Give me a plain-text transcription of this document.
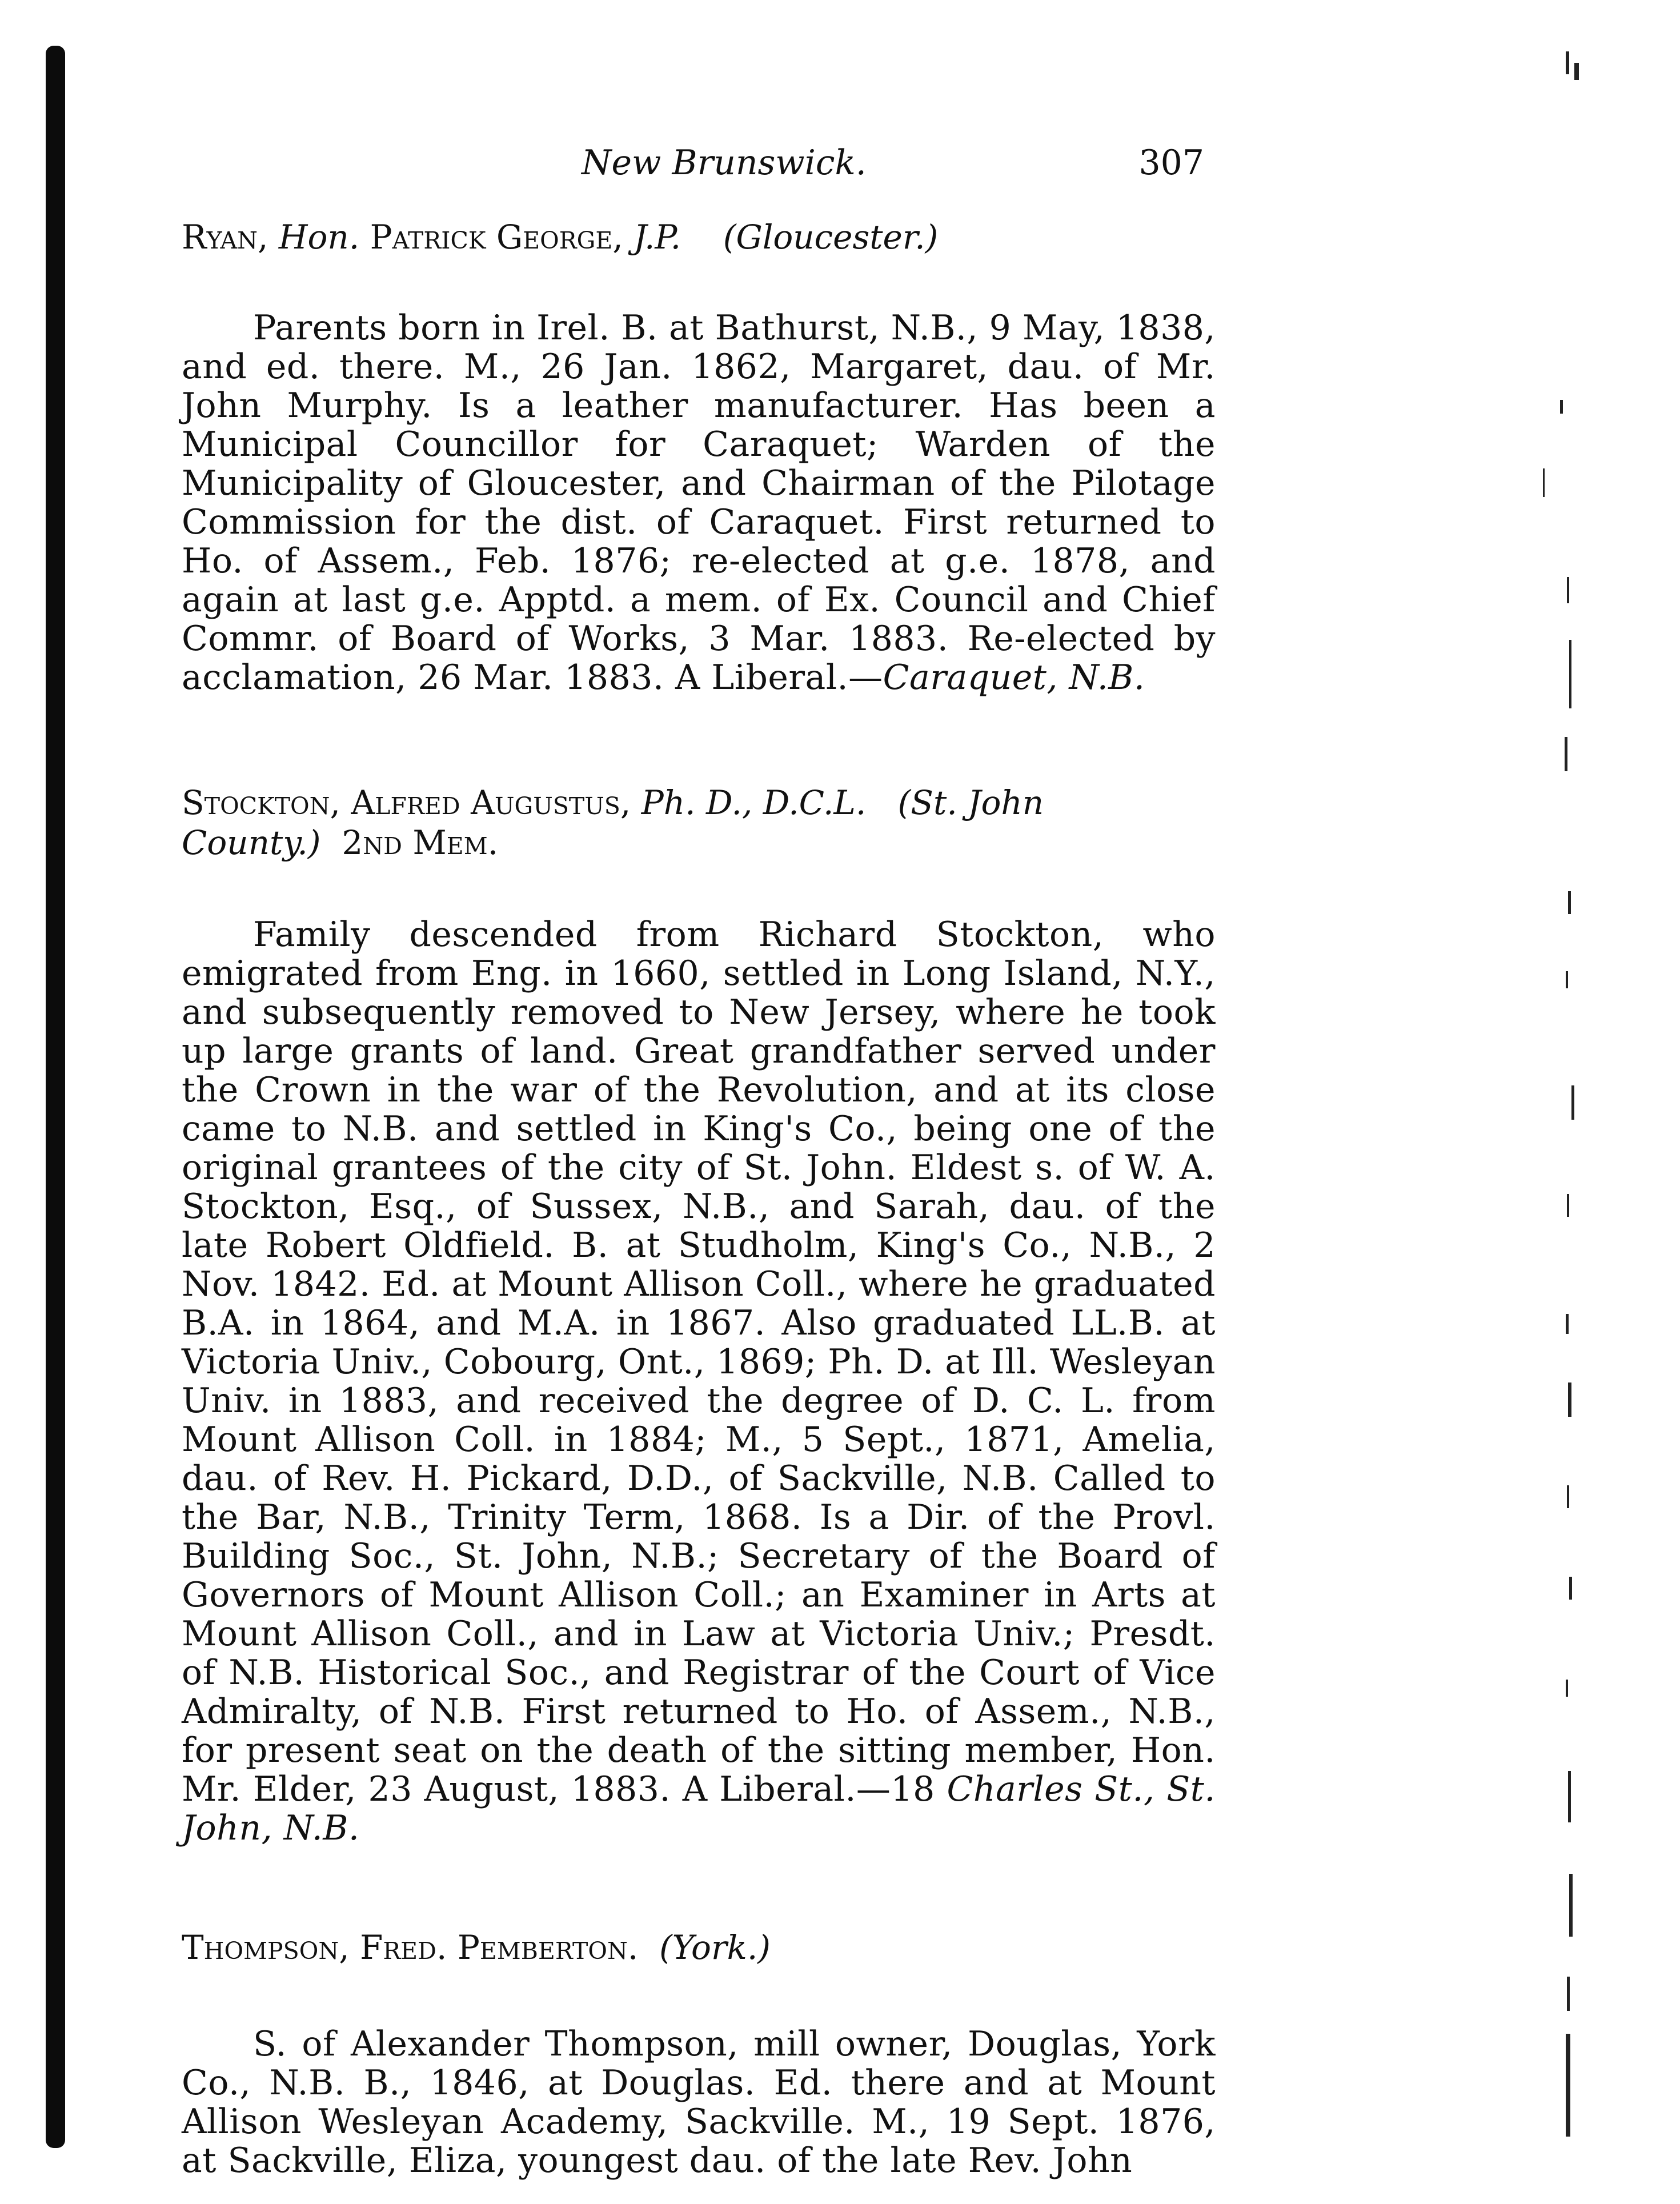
New Brunswick.	307

Ryan, Hon. Patrick George, J.P. (Gloucester.)

Parents born in Irel. B. at Bathurst, N.B., 9 May, 1838, and ed. there. M., 26 Jan. 1862, Margaret, dau. of Mr. John Murphy. Is a leather manufacturer. Has been a Municipal Councillor for Caraquet; Warden of the Municipality of Gloucester, and Chairman of the Pilotage Commission for the dist. of Caraquet. First returned to Ho. of Assem., Feb. 1876; re-elected at g.e. 1878, and again at last g.e. Apptd. a mem. of Ex. Council and Chief Commr. of Board of Works, 3 Mar. 1883. Re-elected by acclamation, 26 Mar. 1883. A Liberal.—Caraquet, N.B.

Stockton, Alfred Augustus, Ph. D., D.C.L. (St. John County.) 2nd Mem.

Family descended from Richard Stockton, who emigrated from Eng. in 1660, settled in Long Island, N.Y., and subsequently removed to New Jersey, where he took up large grants of land. Great grandfather served under the Crown in the war of the Revolution, and at its close came to N.B. and settled in King's Co., being one of the original grantees of the city of St. John. Eldest s. of W. A. Stockton, Esq., of Sussex, N.B., and Sarah, dau. of the late Robert Oldfield. B. at Studholm, King's Co., N.B., 2 Nov. 1842. Ed. at Mount Allison Coll., where he graduated B.A. in 1864, and M.A. in 1867. Also graduated LL.B. at Victoria Univ., Cobourg, Ont., 1869; Ph. D. at Ill. Wesleyan Univ. in 1883, and received the degree of D. C. L. from Mount Allison Coll. in 1884; M., 5 Sept., 1871, Amelia, dau. of Rev. H. Pickard, D.D., of Sackville, N.B. Called to the Bar, N.B., Trinity Term, 1868. Is a Dir. of the Provl. Building Soc., St. John, N.B.; Secretary of the Board of Governors of Mount Allison Coll.; an Examiner in Arts at Mount Allison Coll., and in Law at Victoria Univ.; Presdt. of N.B. Historical Soc., and Registrar of the Court of Vice Admiralty, of N.B. First returned to Ho. of Assem., N.B., for present seat on the death of the sitting member, Hon. Mr. Elder, 23 August, 1883. A Liberal.—18 Charles St., St. John, N.B.

Thompson, Fred. Pemberton. (York.)

S. of Alexander Thompson, mill owner, Douglas, York Co., N.B. B., 1846, at Douglas. Ed. there and at Mount Allison Wesleyan Academy, Sackville. M., 19 Sept. 1876, at Sackville, Eliza, youngest dau. of the late Rev. John
